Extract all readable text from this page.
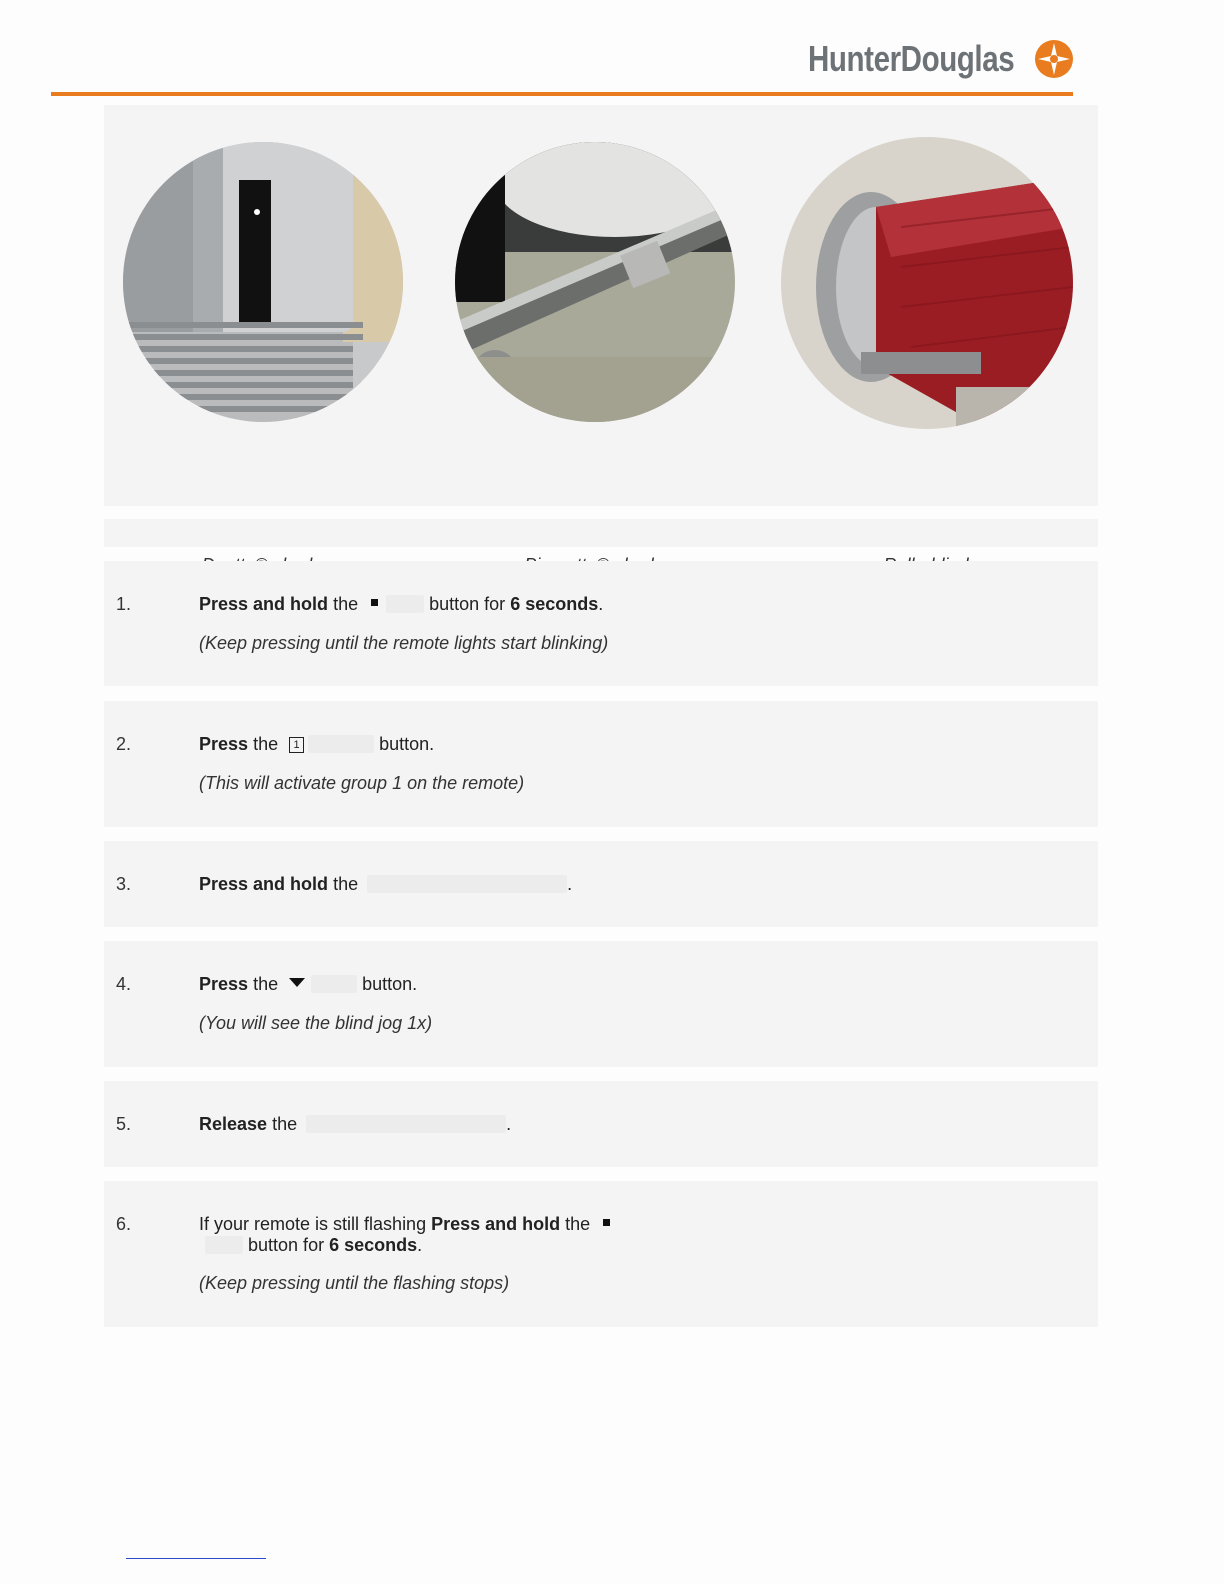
HunterDouglas
1.	Press and hold the	button for 6 seconds.
(Keep pressing until the remote lights start blinking)
2.	Press the 1	button.
(This will activate group 1 on the remote)
3.	Press and hold the	.
4.	Press the	button.
(You will see the blind jog 1x)
5.	Release the	.
6.	If your remote is still flashing Press and hold the
button for 6 seconds.
(Keep pressing until the flashing stops)
